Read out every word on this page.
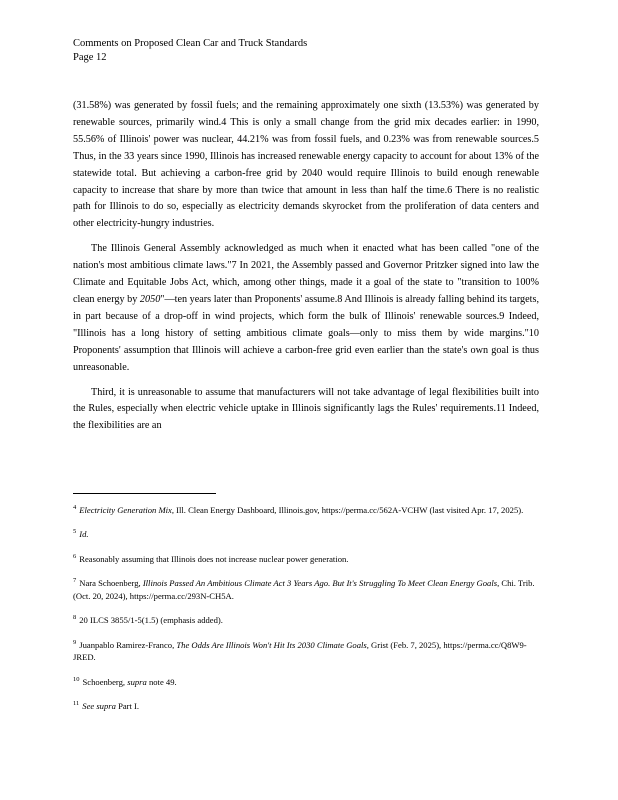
Comments on Proposed Clean Car and Truck Standards
Page 12

(31.58%) was generated by fossil fuels; and the remaining approximately one sixth (13.53%) was generated by renewable sources, primarily wind.4 This is only a small change from the grid mix decades earlier: in 1990, 55.56% of Illinois' power was nuclear, 44.21% was from fossil fuels, and 0.23% was from renewable sources.5 Thus, in the 33 years since 1990, Illinois has increased renewable energy capacity to account for about 13% of the statewide total. But achieving a carbon-free grid by 2040 would require Illinois to build enough renewable capacity to increase that share by more than twice that amount in less than half the time.6 There is no realistic path for Illinois to do so, especially as electricity demands skyrocket from the proliferation of data centers and other electricity-hungry industries.

The Illinois General Assembly acknowledged as much when it enacted what has been called "one of the nation's most ambitious climate laws."7 In 2021, the Assembly passed and Governor Pritzker signed into law the Climate and Equitable Jobs Act, which, among other things, made it a goal of the state to "transition to 100% clean energy by 2050"—ten years later than Proponents' assume.8 And Illinois is already falling behind its targets, in part because of a drop-off in wind projects, which form the bulk of Illinois' renewable sources.9 Indeed, "Illinois has a long history of setting ambitious climate goals—only to miss them by wide margins."10 Proponents' assumption that Illinois will achieve a carbon-free grid even earlier than the state's own goal is thus unreasonable.

Third, it is unreasonable to assume that manufacturers will not take advantage of legal flexibilities built into the Rules, especially when electric vehicle uptake in Illinois significantly lags the Rules' requirements.11 Indeed, the flexibilities are an

$^4$ Electricity Generation Mix, Ill. Clean Energy Dashboard, Illinois.gov, https://perma.cc/562A-VCHW (last visited Apr. 17, 2025).
$^5$ Id.
$^6$ Reasonably assuming that Illinois does not increase nuclear power generation.
$^7$ Nara Schoenberg, Illinois Passed An Ambitious Climate Act 3 Years Ago. But It's Struggling To Meet Clean Energy Goals, Chi. Trib. (Oct. 20, 2024), https://perma.cc/293N-CH5A.
$^8$ 20 ILCS 3855/1-5(1.5) (emphasis added).
$^9$ Juanpablo Ramirez-Franco, The Odds Are Illinois Won't Hit Its 2030 Climate Goals, Grist (Feb. 7, 2025), https://perma.cc/Q8W9-JRED.
$^{10}$ Schoenberg, supra note 49.
$^{11}$ See supra Part I.
